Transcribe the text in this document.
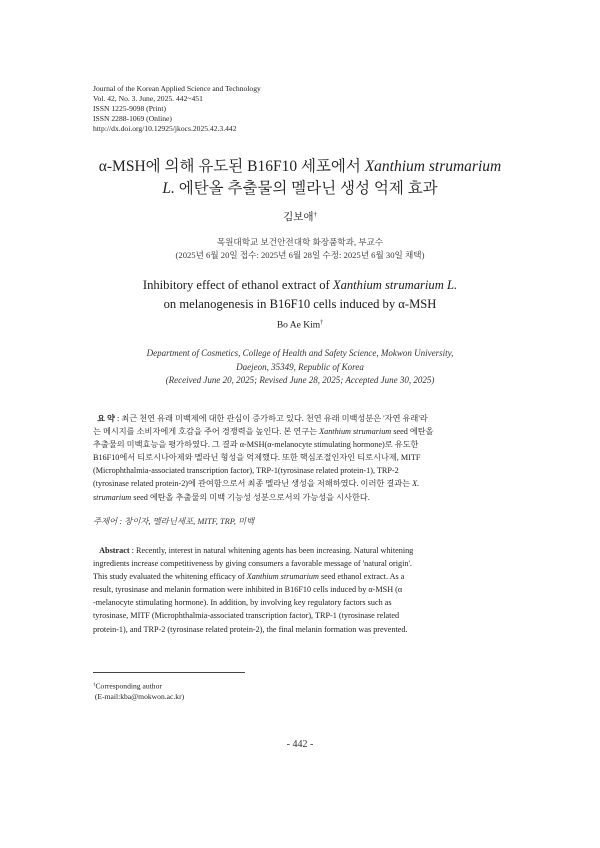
Journal of the Korean Applied Science and Technology
Vol. 42, No. 3. June, 2025. 442~451
ISSN 1225-9098 (Print)
ISSN 2288-1069 (Online)
http://dx.doi.org/10.12925/jkocs.2025.42.3.442
α-MSH에 의해 유도된 B16F10 세포에서 Xanthium strumarium
L. 에탄올 추출물의 멜라닌 생성 억제 효과
김보애†
목원대학교 보건안전대학 화장품학과, 부교수
(2025년 6월 20일 접수: 2025년 6월 28일 수정: 2025년 6월 30일 채택)
Inhibitory effect of ethanol extract of Xanthium strumarium L.
on melanogenesis in B16F10 cells induced by α-MSH
Bo Ae Kim†
Department of Cosmetics, College of Health and Safety Science, Mokwon University,
Daejeon, 35349, Republic of Korea
(Received June 20, 2025; Revised June 28, 2025; Accepted June 30, 2025)
요 약 : 최근 천연 유래 미백제에 대한 관심이 증가하고 있다. 천연 유래 미백성분은 '자연 유래'라
는 메시지를 소비자에게 호감을 주어 경쟁력을 높인다. 본 연구는 Xanthium strumarium seed 에탄올
추출물의 미백효능을 평가하였다. 그 결과 α-MSH(α-melanocyte stimulating hormone)로 유도한
B16F10에서 티로시나아제와 멜라닌 형성을 억제했다. 또한 핵심조절인자인 티로시나제, MITF
(Microphthalmia-associated transcription factor), TRP-1(tyrosinase related protein-1), TRP-2
(tyrosinase related protein-2)에 관여함으로서 최종 멜라닌 생성을 저해하였다. 이러한 결과는 X.
strumarium seed 에탄올 추출물의 미백 기능성 성분으로서의 가능성을 시사한다.
주제어 : 창이자, 멜라닌세포, MITF, TRP, 미백
Abstract : Recently, interest in natural whitening agents has been increasing. Natural whitening
ingredients increase competitiveness by giving consumers a favorable message of 'natural origin'.
This study evaluated the whitening efficacy of Xanthium strumarium seed ethanol extract. As a
result, tyrosinase and melanin formation were inhibited in B16F10 cells induced by α-MSH (α
-melanocyte stimulating hormone). In addition, by involving key regulatory factors such as
tyrosinase, MITF (Microphthalmia-associated transcription factor), TRP-1 (tyrosinase related
protein-1), and TRP-2 (tyrosinase related protein-2), the final melanin formation was prevented.
†Corresponding author
(E-mail:kba@mokwon.ac.kr)
- 442 -
